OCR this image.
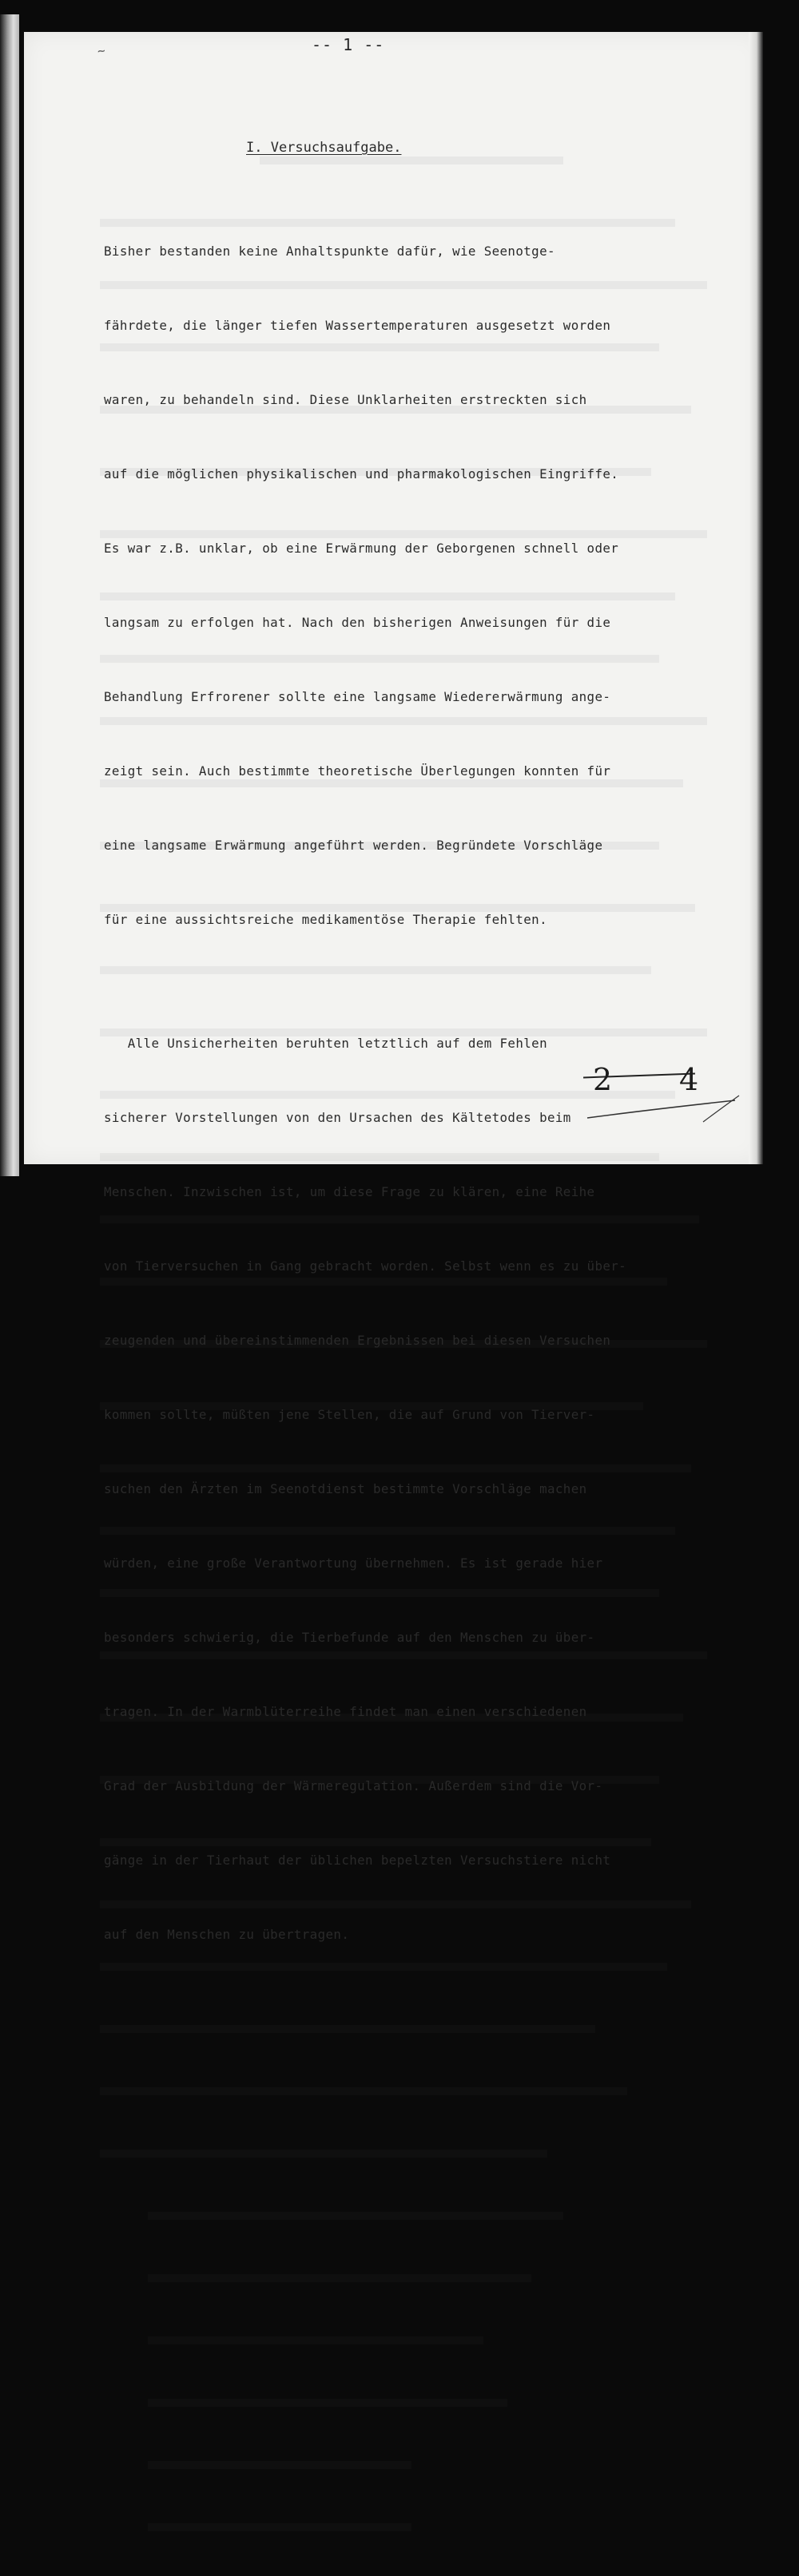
~	-- 1 --
I. Versuchsaufgabe.

Bisher bestanden keine Anhaltspunkte dafür, wie Seenotge-

fährdete, die länger tiefen Wassertemperaturen ausgesetzt worden

waren, zu behandeln sind. Diese Unklarheiten erstreckten sich

auf die möglichen physikalischen und pharmakologischen Eingriffe.

Es war z.B. unklar, ob eine Erwärmung der Geborgenen schnell oder

langsam zu erfolgen hat. Nach den bisherigen Anweisungen für die

Behandlung Erfrorener sollte eine langsame Wiedererwärmung ange-

zeigt sein. Auch bestimmte theoretische Überlegungen konnten für

eine langsame Erwärmung angeführt werden. Begründete Vorschläge

für eine aussichtsreiche medikamentöse Therapie fehlten.

Alle Unsicherheiten beruhten letztlich auf dem Fehlen

sicherer Vorstellungen von den Ursachen des Kältetodes beim

Menschen. Inzwischen ist, um diese Frage zu klären, eine Reihe

von Tierversuchen in Gang gebracht worden. Selbst wenn es zu über-

zeugenden und übereinstimmenden Ergebnissen bei diesen Versuchen

kommen sollte, müßten jene Stellen, die auf Grund von Tierver-

suchen den Ärzten im Seenotdienst bestimmte Vorschläge machen

würden, eine große Verantwortung übernehmen. Es ist gerade hier

besonders schwierig, die Tierbefunde auf den Menschen zu über-

tragen. In der Warmblüterreihe findet man einen verschiedenen

Grad der Ausbildung der Wärmeregulation. Außerdem sind die Vor-

gänge in der Tierhaut der üblichen bepelzten Versuchstiere nicht

auf den Menschen zu übertragen.

2 4
